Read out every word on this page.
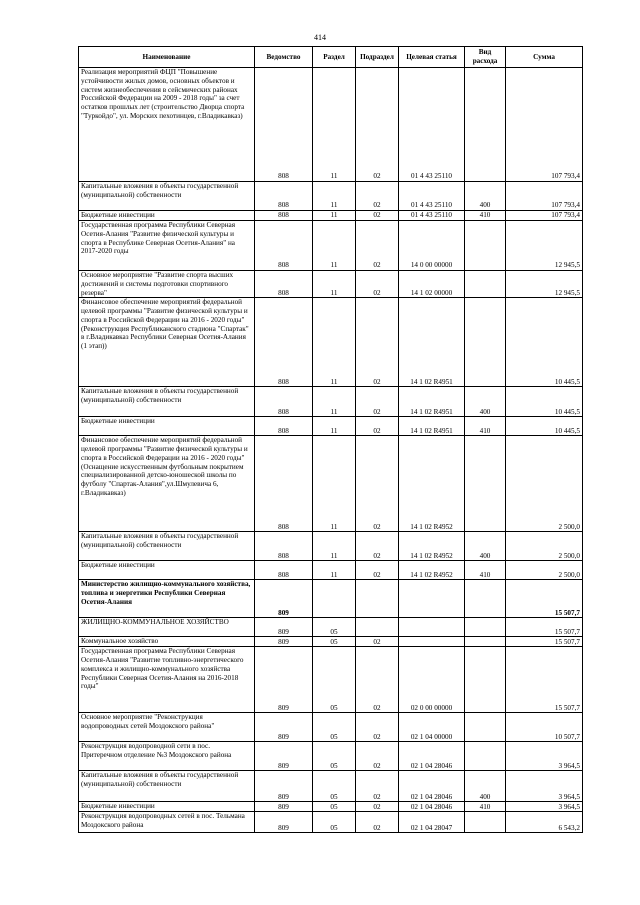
414
Наименование	Ведомство	Раздел	Подраздел	Целевая статья	Вид расхода	Сумма
Реализация мероприятий ФЦП "Повышение устойчивости жилых домов, основных объектов и систем жизнеобеспечения в сейсмических районах Российской Федерации на 2009 - 2018 годы" за счет остатков прошлых лет (строительство Дворца спорта "Туркойдо", ул. Морских пехотинцев, г.Владикавказ)	808	11	02	01 4 43 25110		107 793,4
Капитальные вложения в объекты государственной (муниципальной) собственности	808	11	02	01 4 43 25110	400	107 793,4
Бюджетные инвестиции	808	11	02	01 4 43 25110	410	107 793,4
Государственная программа Республики Северная Осетия-Алания "Развитие физической культуры и спорта в Республике Северная Осетия-Алания" на 2017-2020 годы	808	11	02	14 0 00 00000		12 945,5
Основное мероприятие "Развитие спорта высших достижений и системы подготовки спортивного резерва"	808	11	02	14 1 02 00000		12 945,5
Финансовое обеспечение мероприятий федеральной целевой программы "Развитие физической культуры и спорта в Российской Федерации на 2016 - 2020 годы" (Реконструкция Республиканского стадиона "Спартак" в г.Владикавказ Республики Северная Осетия-Алания (1 этап))	808	11	02	14 1 02 R4951		10 445,5
Капитальные вложения в объекты государственной (муниципальной) собственности	808	11	02	14 1 02 R4951	400	10 445,5
Бюджетные инвестиции	808	11	02	14 1 02 R4951	410	10 445,5
Финансовое обеспечение мероприятий федеральной целевой программы "Развитие физической культуры и спорта в Российской Федерации на 2016 - 2020 годы" (Оснащение искусственным футбольным покрытием специализированной детско-юношеской школы по футболу "Спартак-Алания",ул.Шмулевича 6, г.Владикавказ)	808	11	02	14 1 02 R4952		2 500,0
Капитальные вложения в объекты государственной (муниципальной) собственности	808	11	02	14 1 02 R4952	400	2 500,0
Бюджетные инвестиции	808	11	02	14 1 02 R4952	410	2 500,0
Министерство жилищно-коммунального хозяйства, топлива и энергетики Республики Северная Осетия-Алания	809					15 507,7
ЖИЛИЩНО-КОММУНАЛЬНОЕ ХОЗЯЙСТВО	809	05				15 507,7
Коммунальное хозяйство	809	05	02			15 507,7
Государственная программа Республики Северная Осетия-Алания "Развитие топливно-энергетического комплекса и жилищно-коммунального хозяйства Республики Северная Осетия-Алания на 2016-2018 годы"	809	05	02	02 0 00 00000		15 507,7
Основное мероприятие "Реконструкция водопроводных сетей Моздокского района"	809	05	02	02 1 04 00000		10 507,7
Реконструкция водопроводной сети в пос. Притеречном отделение №3 Моздокского района	809	05	02	02 1 04 28046		3 964,5
Капитальные вложения в объекты государственной (муниципальной) собственности	809	05	02	02 1 04 28046	400	3 964,5
Бюджетные инвестиции	809	05	02	02 1 04 28046	410	3 964,5
Реконструкция водопроводных сетей в пос. Тельмана Моздокского района	809	05	02	02 1 04 28047		6 543,2
